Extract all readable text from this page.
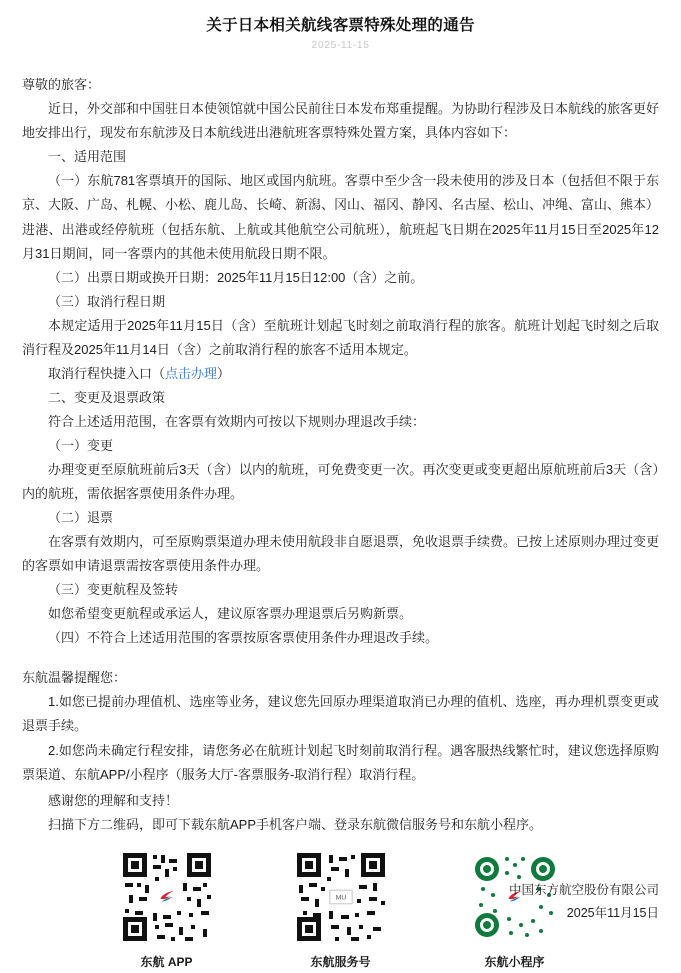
关于日本相关航线客票特殊处理的通告
2025-11-15

尊敬的旅客：

近日，外交部和中国驻日本使领馆就中国公民前往日本发布郑重提醒。为协助行程涉及日本航线的旅客更好地安排出行，现发布东航涉及日本航线进出港航班客票特殊处置方案，具体内容如下：

一、适用范围

（一）东航781客票填开的国际、地区或国内航班。客票中至少含一段未使用的涉及日本（包括但不限于东京、大阪、广岛、札幌、小松、鹿儿岛、长崎、新潟、冈山、福冈、静冈、名古屋、松山、冲绳、富山、熊本）进港、出港或经停航班（包括东航、上航或其他航空公司航班），航班起飞日期在2025年11月15日至2025年12月31日期间，同一客票内的其他未使用航段日期不限。

（二）出票日期或换开日期：2025年11月15日12:00（含）之前。

（三）取消行程日期

本规定适用于2025年11月15日（含）至航班计划起飞时刻之前取消行程的旅客。航班计划起飞时刻之后取消行程及2025年11月14日（含）之前取消行程的旅客不适用本规定。

取消行程快捷入口（点击办理）

二、变更及退票政策

符合上述适用范围，在客票有效期内可按以下规则办理退改手续：

（一）变更

办理变更至原航班前后3天（含）以内的航班，可免费变更一次。再次变更或变更超出原航班前后3天（含）内的航班，需依据客票使用条件办理。

（二）退票

在客票有效期内，可至原购票渠道办理未使用航段非自愿退票，免收退票手续费。已按上述原则办理过变更的客票如申请退票需按客票使用条件办理。

（三）变更航程及签转

如您希望变更航程或承运人，建议原客票办理退票后另购新票。

（四）不符合上述适用范围的客票按原客票使用条件办理退改手续。

东航温馨提醒您：

1.如您已提前办理值机、选座等业务，建议您先回原办理渠道取消已办理的值机、选座，再办理机票变更或退票手续。

2.如您尚未确定行程安排，请您务必在航班计划起飞时刻前取消行程。遇客服热线繁忙时，建议您选择原购票渠道、东航APP/小程序（服务大厅-客票服务-取消行程）取消行程。

感谢您的理解和支持！

扫描下方二维码，即可下载东航APP手机客户端、登录东航微信服务号和东航小程序。

东航 APP
MU
东航服务号	东航小程序
中国东方航空股份有限公司
2025年11月15日
